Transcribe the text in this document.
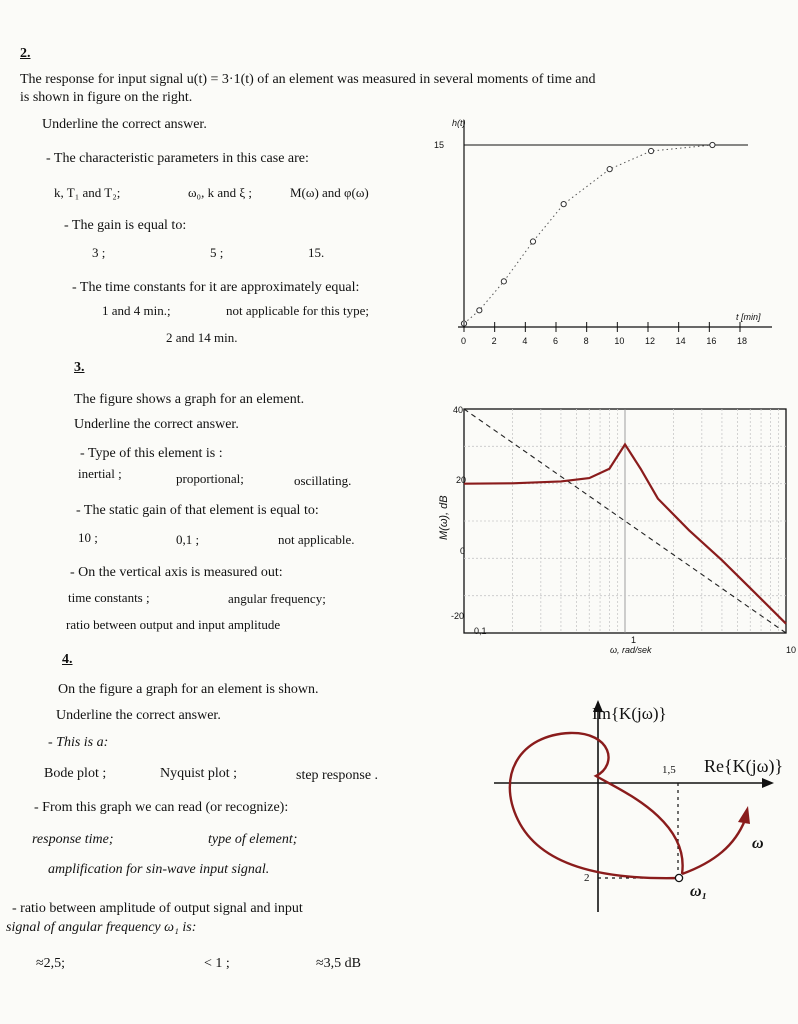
2.
The response for input signal u(t) = 3·1(t) of an element was measured in several moments of time and
is shown in figure on the right.
Underline the correct answer.
- The characteristic parameters in this case are:
k, T₁ and T₂;	ω₀, k and ξ ;	M(ω) and φ(ω)
- The gain is equal to:
3 ;	5 ;	15.
- The time constants for it are approximately equal:
1 and 4 min.;	not applicable for this type;
2 and 14 min.
3.
The figure shows a graph for an element.
Underline the correct answer.
- Type of this element is :
inertial ;	proportional;	oscillating.
- The static gain of that element is equal to:
10 ;	0,1 ;	not applicable.
- On the vertical axis is measured out:
time constants ;	angular frequency;
ratio between output and input amplitude
4.
On the figure a graph for an element is shown.
Underline the correct answer.
- This is a:
Bode plot ;	Nyquist plot ;	step response .
- From this graph we can read (or recognize):
response time;	type of element;
amplification for sin-wave input signal.
- ratio between amplitude of output signal and input
signal of angular frequency ω₁ is:
≈2,5;	< 1 ;	≈3,5 dB
h(t)
15
t [min]
0	2	4	6	8	10 12 14 16 18
40
20
0
-20
0,1
1
10
ω, rad/sek
M(ω), dB
Im{K(jω)}
Re{K(jω)}
1,5
2
ω
ω₁
